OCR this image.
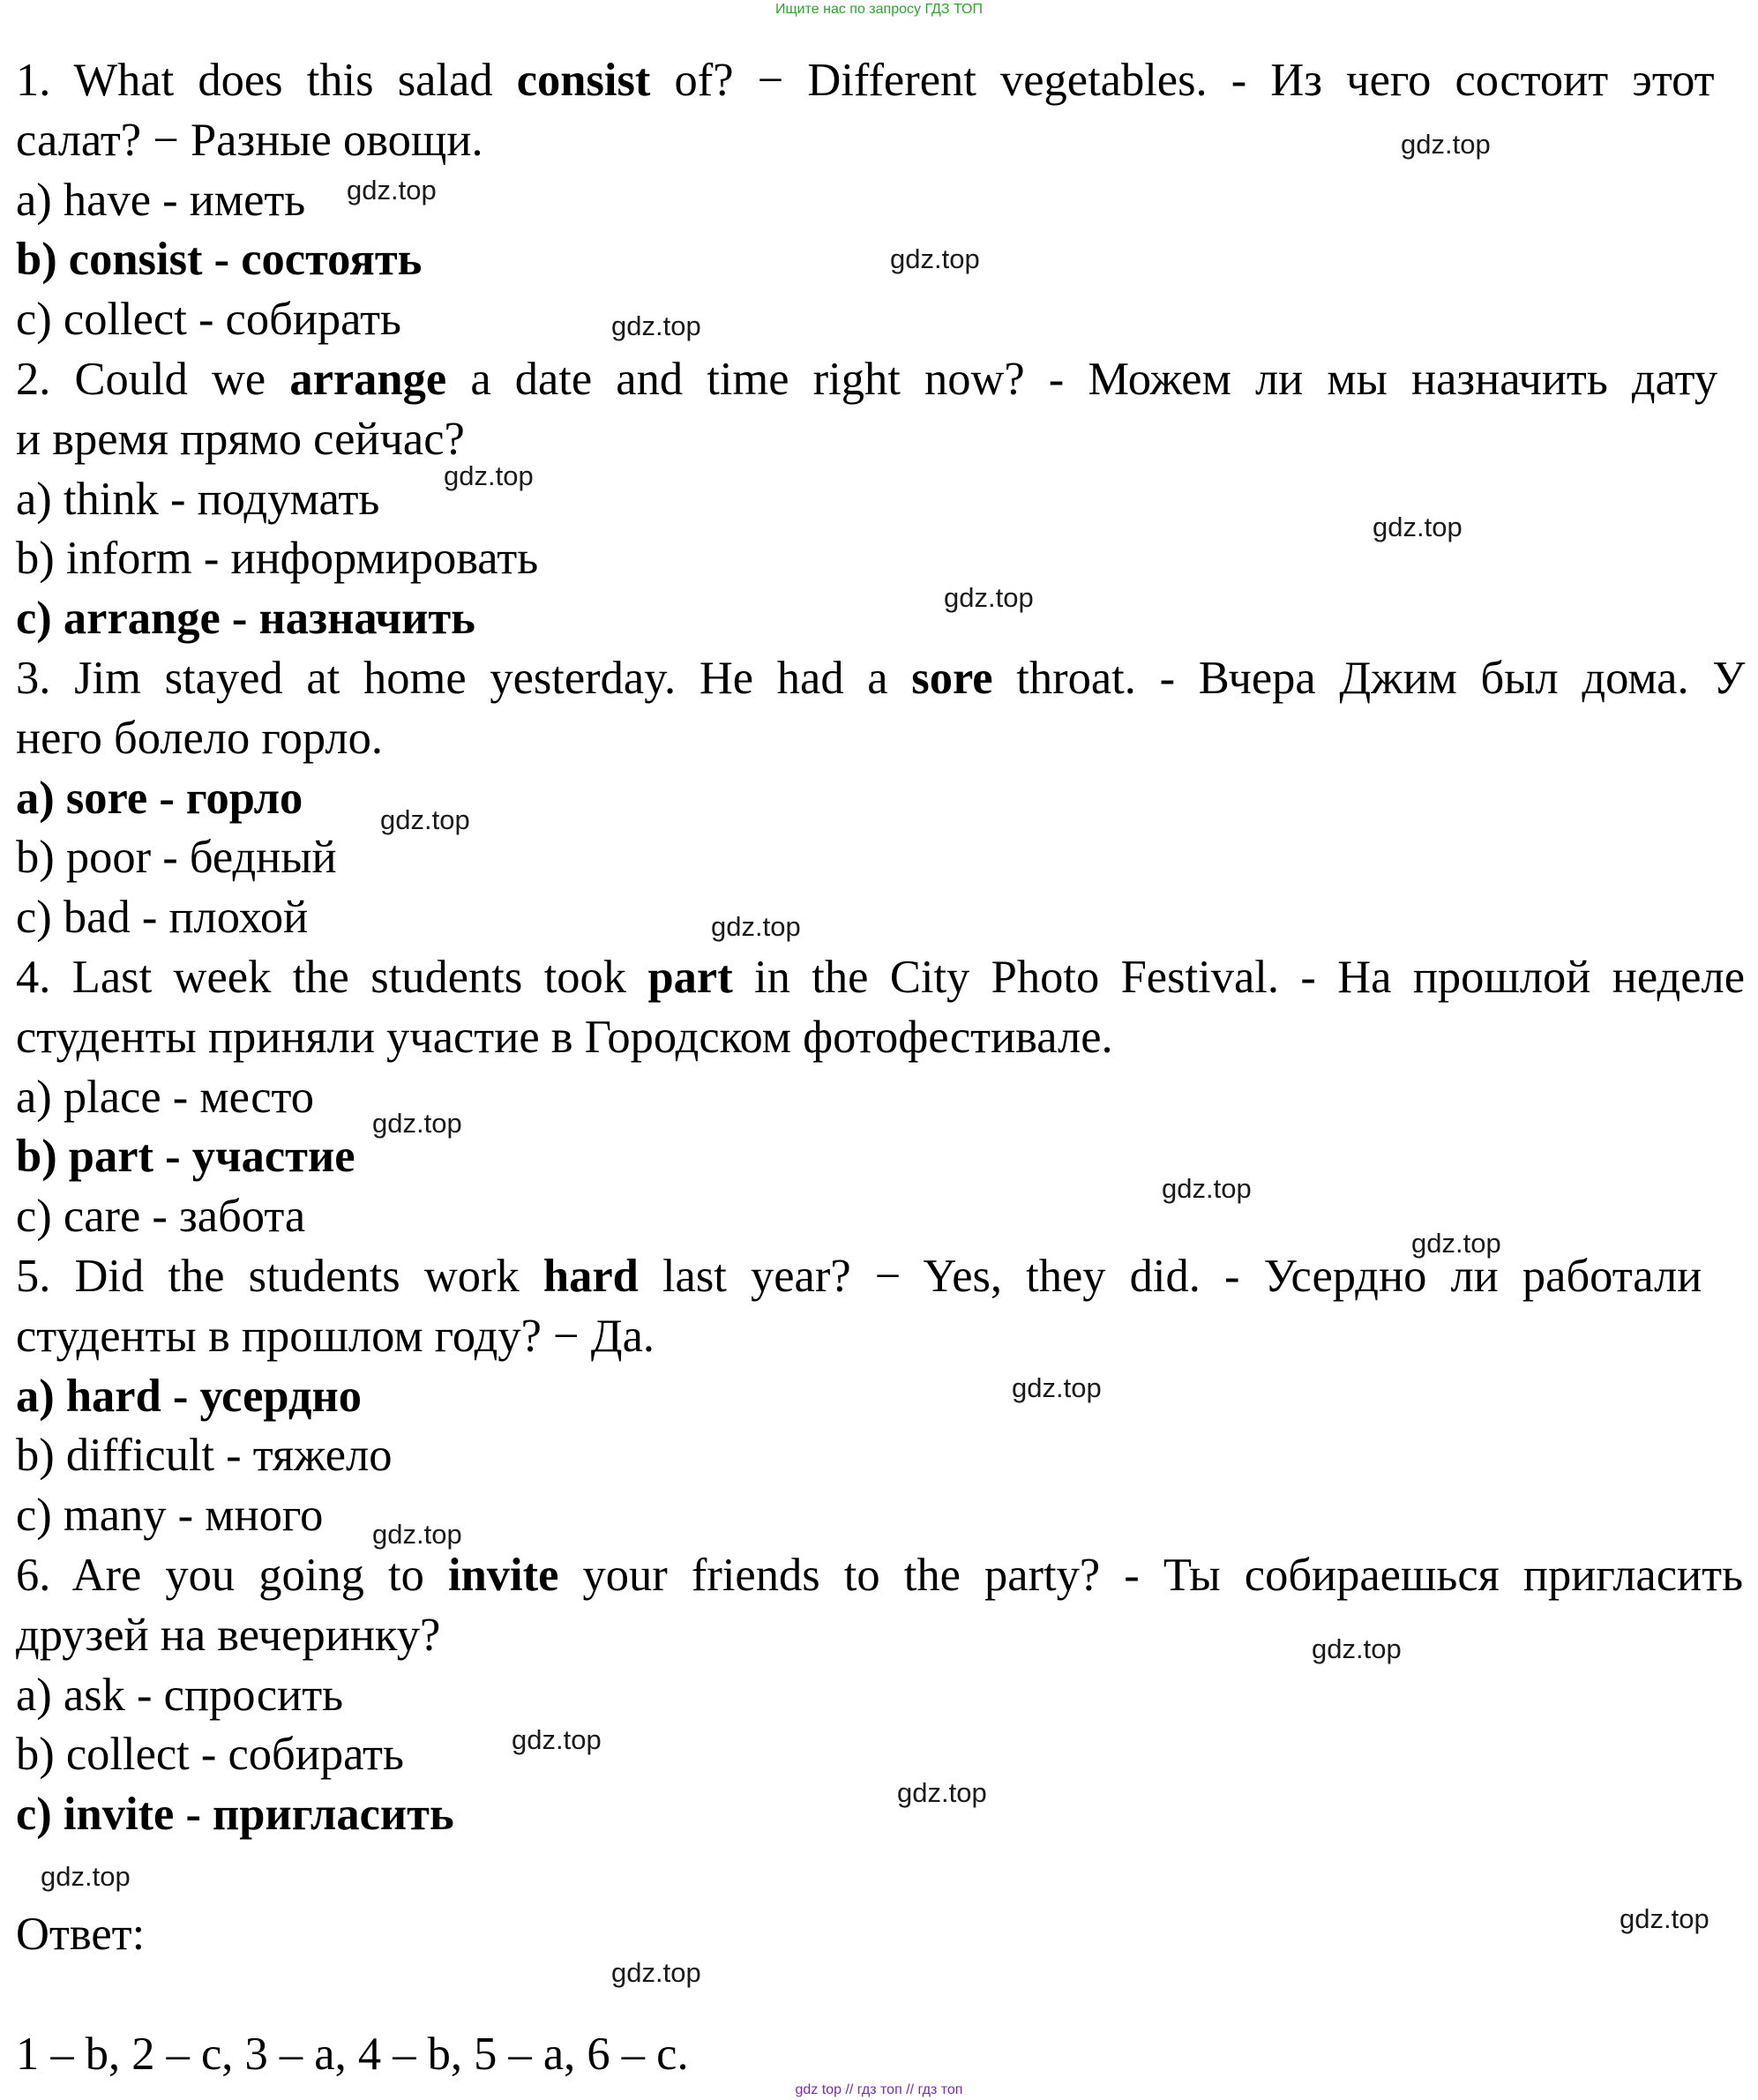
Ищите нас по запросу ГДЗ ТОП
1. What does this salad consist of? − Different vegetables. - Из чего состоит этот
салат? − Разные овощи.
a) have - иметь
b) consist - состоять
c) collect - собирать
2. Could we arrange a date and time right now? - Можем ли мы назначить дату
и время прямо сейчас?
a) think - подумать
b) inform - информировать
c) arrange - назначить
3. Jim stayed at home yesterday. He had a sore throat. - Вчера Джим был дома. У
него болело горло.
a) sore - горло
b) poor - бедный
c) bad - плохой
4. Last week the students took part in the City Photo Festival. - На прошлой неделе
студенты приняли участие в Городском фотофестивале.
a) place - место
b) part - участие
c) care - забота
5. Did the students work hard last year? − Yes, they did. - Усердно ли работали
студенты в прошлом году? − Да.
a) hard - усердно
b) difficult - тяжело
c) many - много
6. Are you going to invite your friends to the party? - Ты собираешься пригласить
друзей на вечеринку?
a) ask - спросить
b) collect - собирать
c) invite - пригласить
Ответ:
1 – b, 2 – c, 3 – a, 4 – b, 5 – a, 6 – c.
gdz.top
gdz.top
gdz.top
gdz.top
gdz.top
gdz.top
gdz.top
gdz.top
gdz.top
gdz.top
gdz.top
gdz.top
gdz.top
gdz.top
gdz.top
gdz.top
gdz.top
gdz.top
gdz.top
gdz.top
gdz top // гдз топ // гдз топ
